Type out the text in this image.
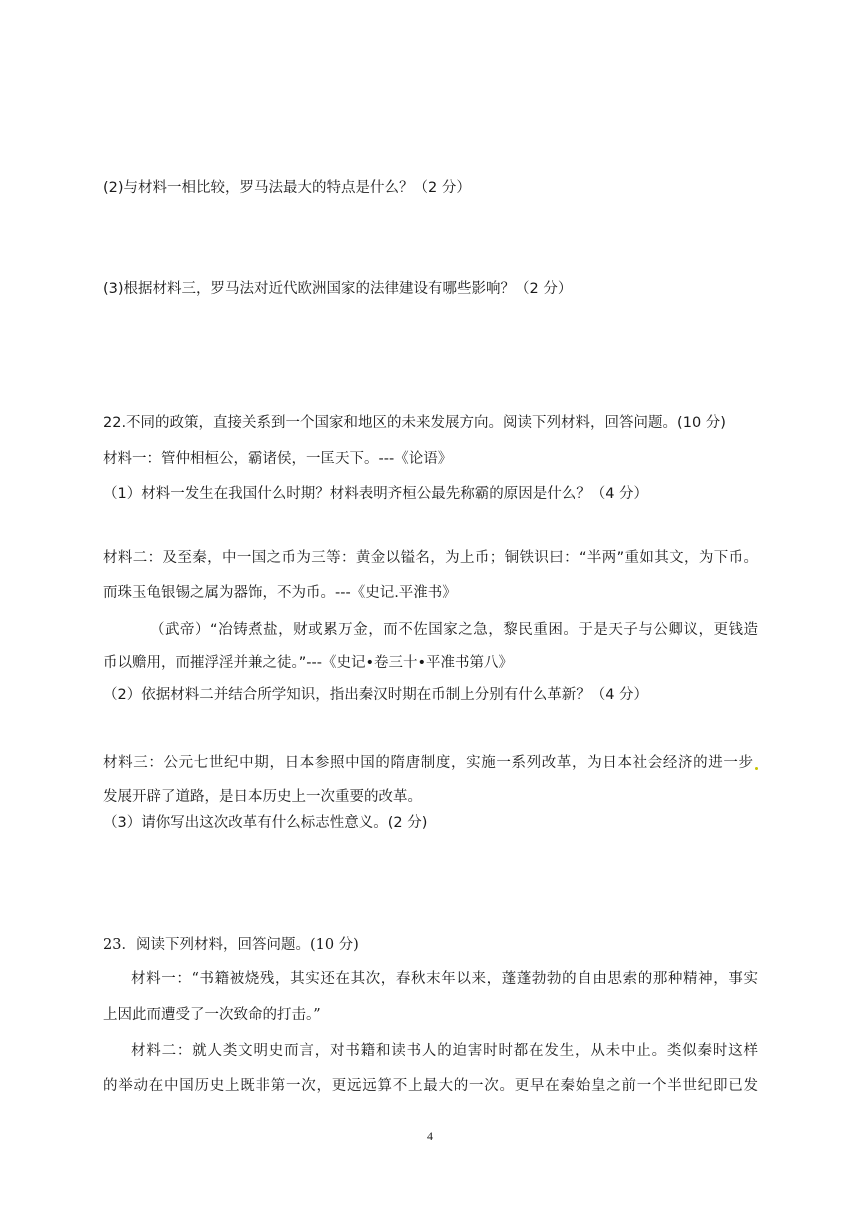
(2)与材料一相比较，罗马法最大的特点是什么？（2 分）
(3)根据材料三，罗马法对近代欧洲国家的法律建设有哪些影响？（2 分）
22.不同的政策，直接关系到一个国家和地区的未来发展方向。阅读下列材料，回答问题。(10 分)
材料一：管仲相桓公，霸诸侯，一匡天下。---《论语》
（1）材料一发生在我国什么时期？材料表明齐桓公最先称霸的原因是什么？（4 分）
材料二：及至秦，中一国之币为三等：黄金以镒名，为上币；铜铁识曰：“半两”重如其文，为下币。
而珠玉龟银锡之属为器饰，不为币。---《史记.平淮书》
（武帝）“冶铸煮盐，财或累万金，而不佐国家之急，黎民重困。于是天子与公卿议，更钱造
币以赡用，而摧浮淫并兼之徒。”---《史记•卷三十•平准书第八》
（2）依据材料二并结合所学知识，指出秦汉时期在币制上分别有什么革新？（4 分）
材料三：公元七世纪中期，日本参照中国的隋唐制度，实施一系列改革，为日本社会经济的进一步
发展开辟了道路，是日本历史上一次重要的改革。
（3）请你写出这次改革有什么标志性意义。(2 分)
23．阅读下列材料，回答问题。(10 分)
材料一：“书籍被烧残，其实还在其次，春秋末年以来，蓬蓬勃勃的自由思索的那种精神，事实
上因此而遭受了一次致命的打击。”
材料二：就人类文明史而言，对书籍和读书人的迫害时时都在发生，从未中止。类似秦时这样
的举动在中国历史上既非第一次，更远远算不上最大的一次。更早在秦始皇之前一个半世纪即已发
4
